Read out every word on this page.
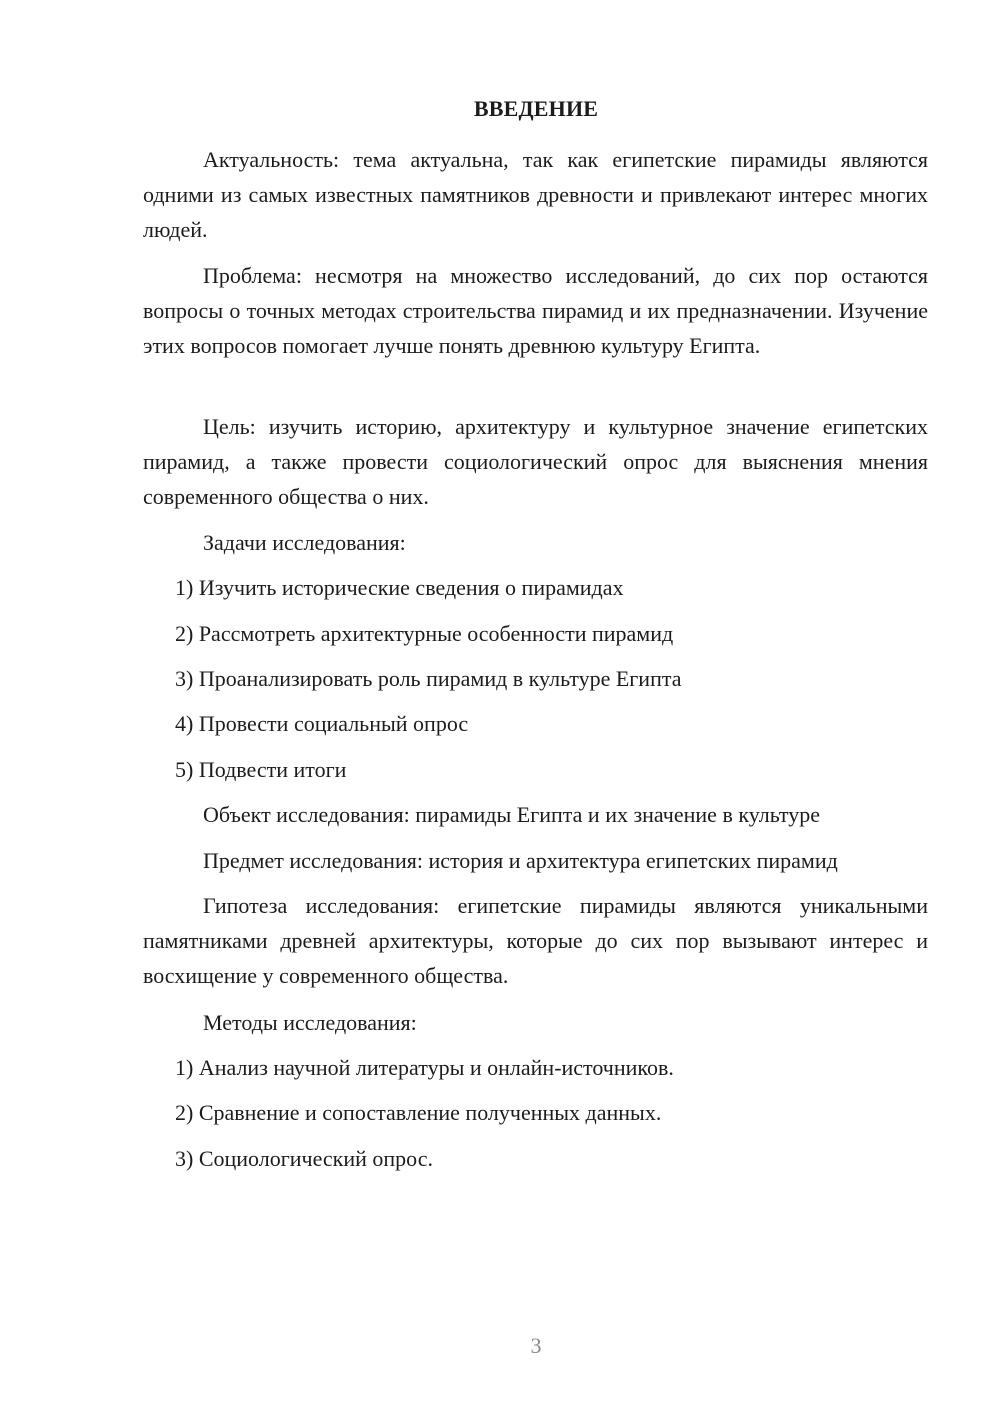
ВВЕДЕНИЕ

Актуальность: тема актуальна, так как египетские пирамиды являются одними из самых известных памятников древности и привлекают интерес многих людей.

Проблема: несмотря на множество исследований, до сих пор остаются вопросы о точных методах строительства пирамид и их предназначении. Изучение этих вопросов помогает лучше понять древнюю культуру Египта.

Цель: изучить историю, архитектуру и культурное значение египетских пирамид, а также провести социологический опрос для выяснения мнения современного общества о них.

Задачи исследования:

1) Изучить исторические сведения о пирамидах

2) Рассмотреть архитектурные особенности пирамид

3) Проанализировать роль пирамид в культуре Египта

4) Провести социальный опрос

5) Подвести итоги

Объект исследования: пирамиды Египта и их значение в культуре

Предмет исследования: история и архитектура египетских пирамид

Гипотеза исследования: египетские пирамиды являются уникальными памятниками древней архитектуры, которые до сих пор вызывают интерес и восхищение у современного общества.

Методы исследования:

1) Анализ научной литературы и онлайн-источников.

2) Сравнение и сопоставление полученных данных.

3) Социологический опрос.

3
